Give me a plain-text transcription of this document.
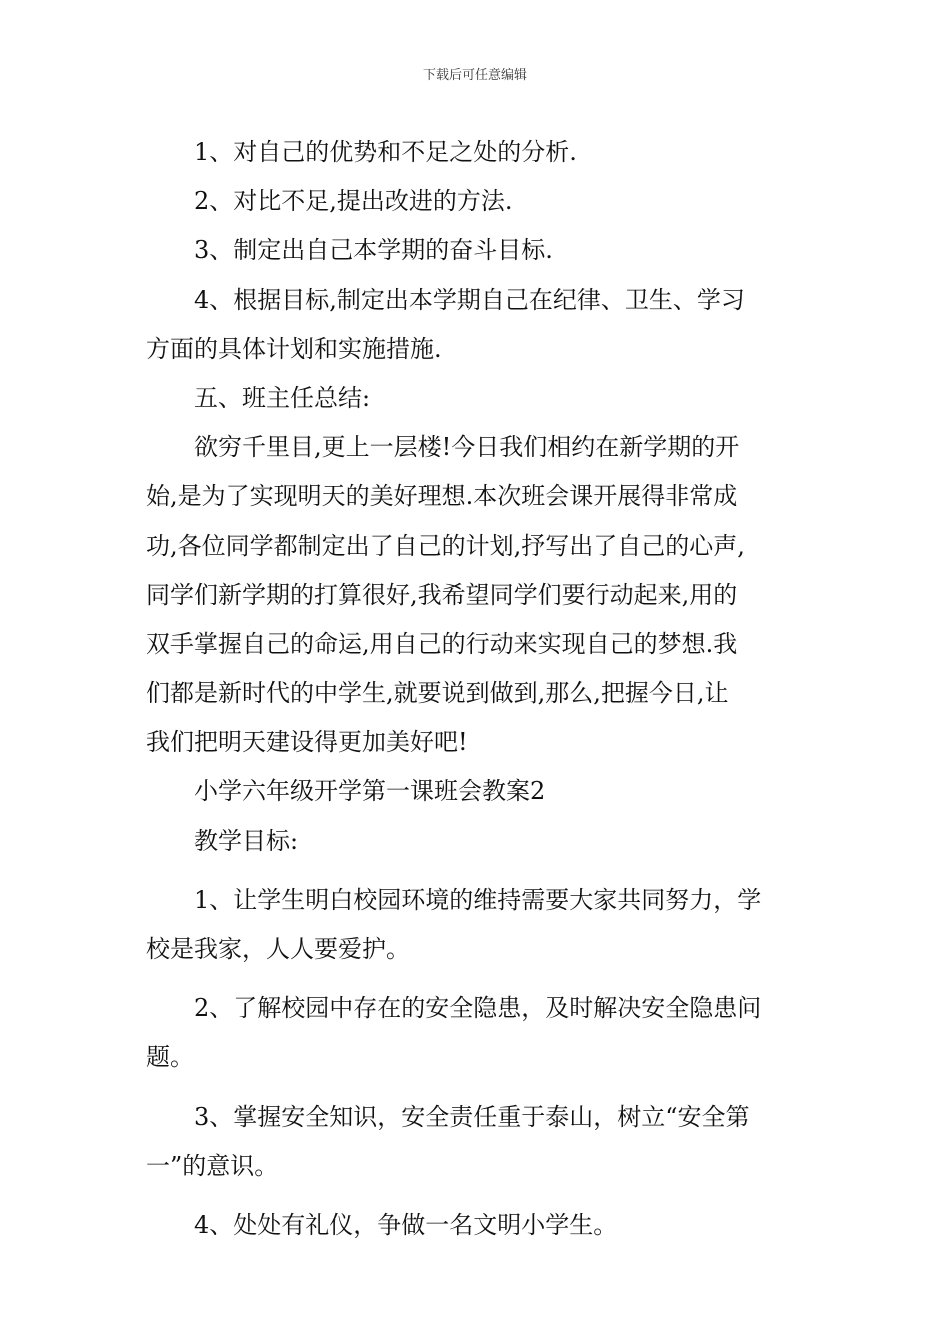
下载后可任意编辑
1、对自己的优势和不足之处的分析.
2、对比不足,提出改进的方法.
3、制定出自己本学期的奋斗目标.
4、根据目标,制定出本学期自己在纪律、卫生、学习
方面的具体计划和实施措施.
五、班主任总结:
欲穷千里目,更上一层楼!今日我们相约在新学期的开
始,是为了实现明天的美好理想.本次班会课开展得非常成
功,各位同学都制定出了自己的计划,抒写出了自己的心声,
同学们新学期的打算很好,我希望同学们要行动起来,用的
双手掌握自己的命运,用自己的行动来实现自己的梦想.我
们都是新时代的中学生,就要说到做到,那么,把握今日,让
我们把明天建设得更加美好吧!
小学六年级开学第一课班会教案2
教学目标:
1、让学生明白校园环境的维持需要大家共同努力，学
校是我家，人人要爱护。
2、了解校园中存在的安全隐患，及时解决安全隐患问
题。
3、掌握安全知识，安全责任重于泰山，树立“安全第
一”的意识。
4、处处有礼仪，争做一名文明小学生。
